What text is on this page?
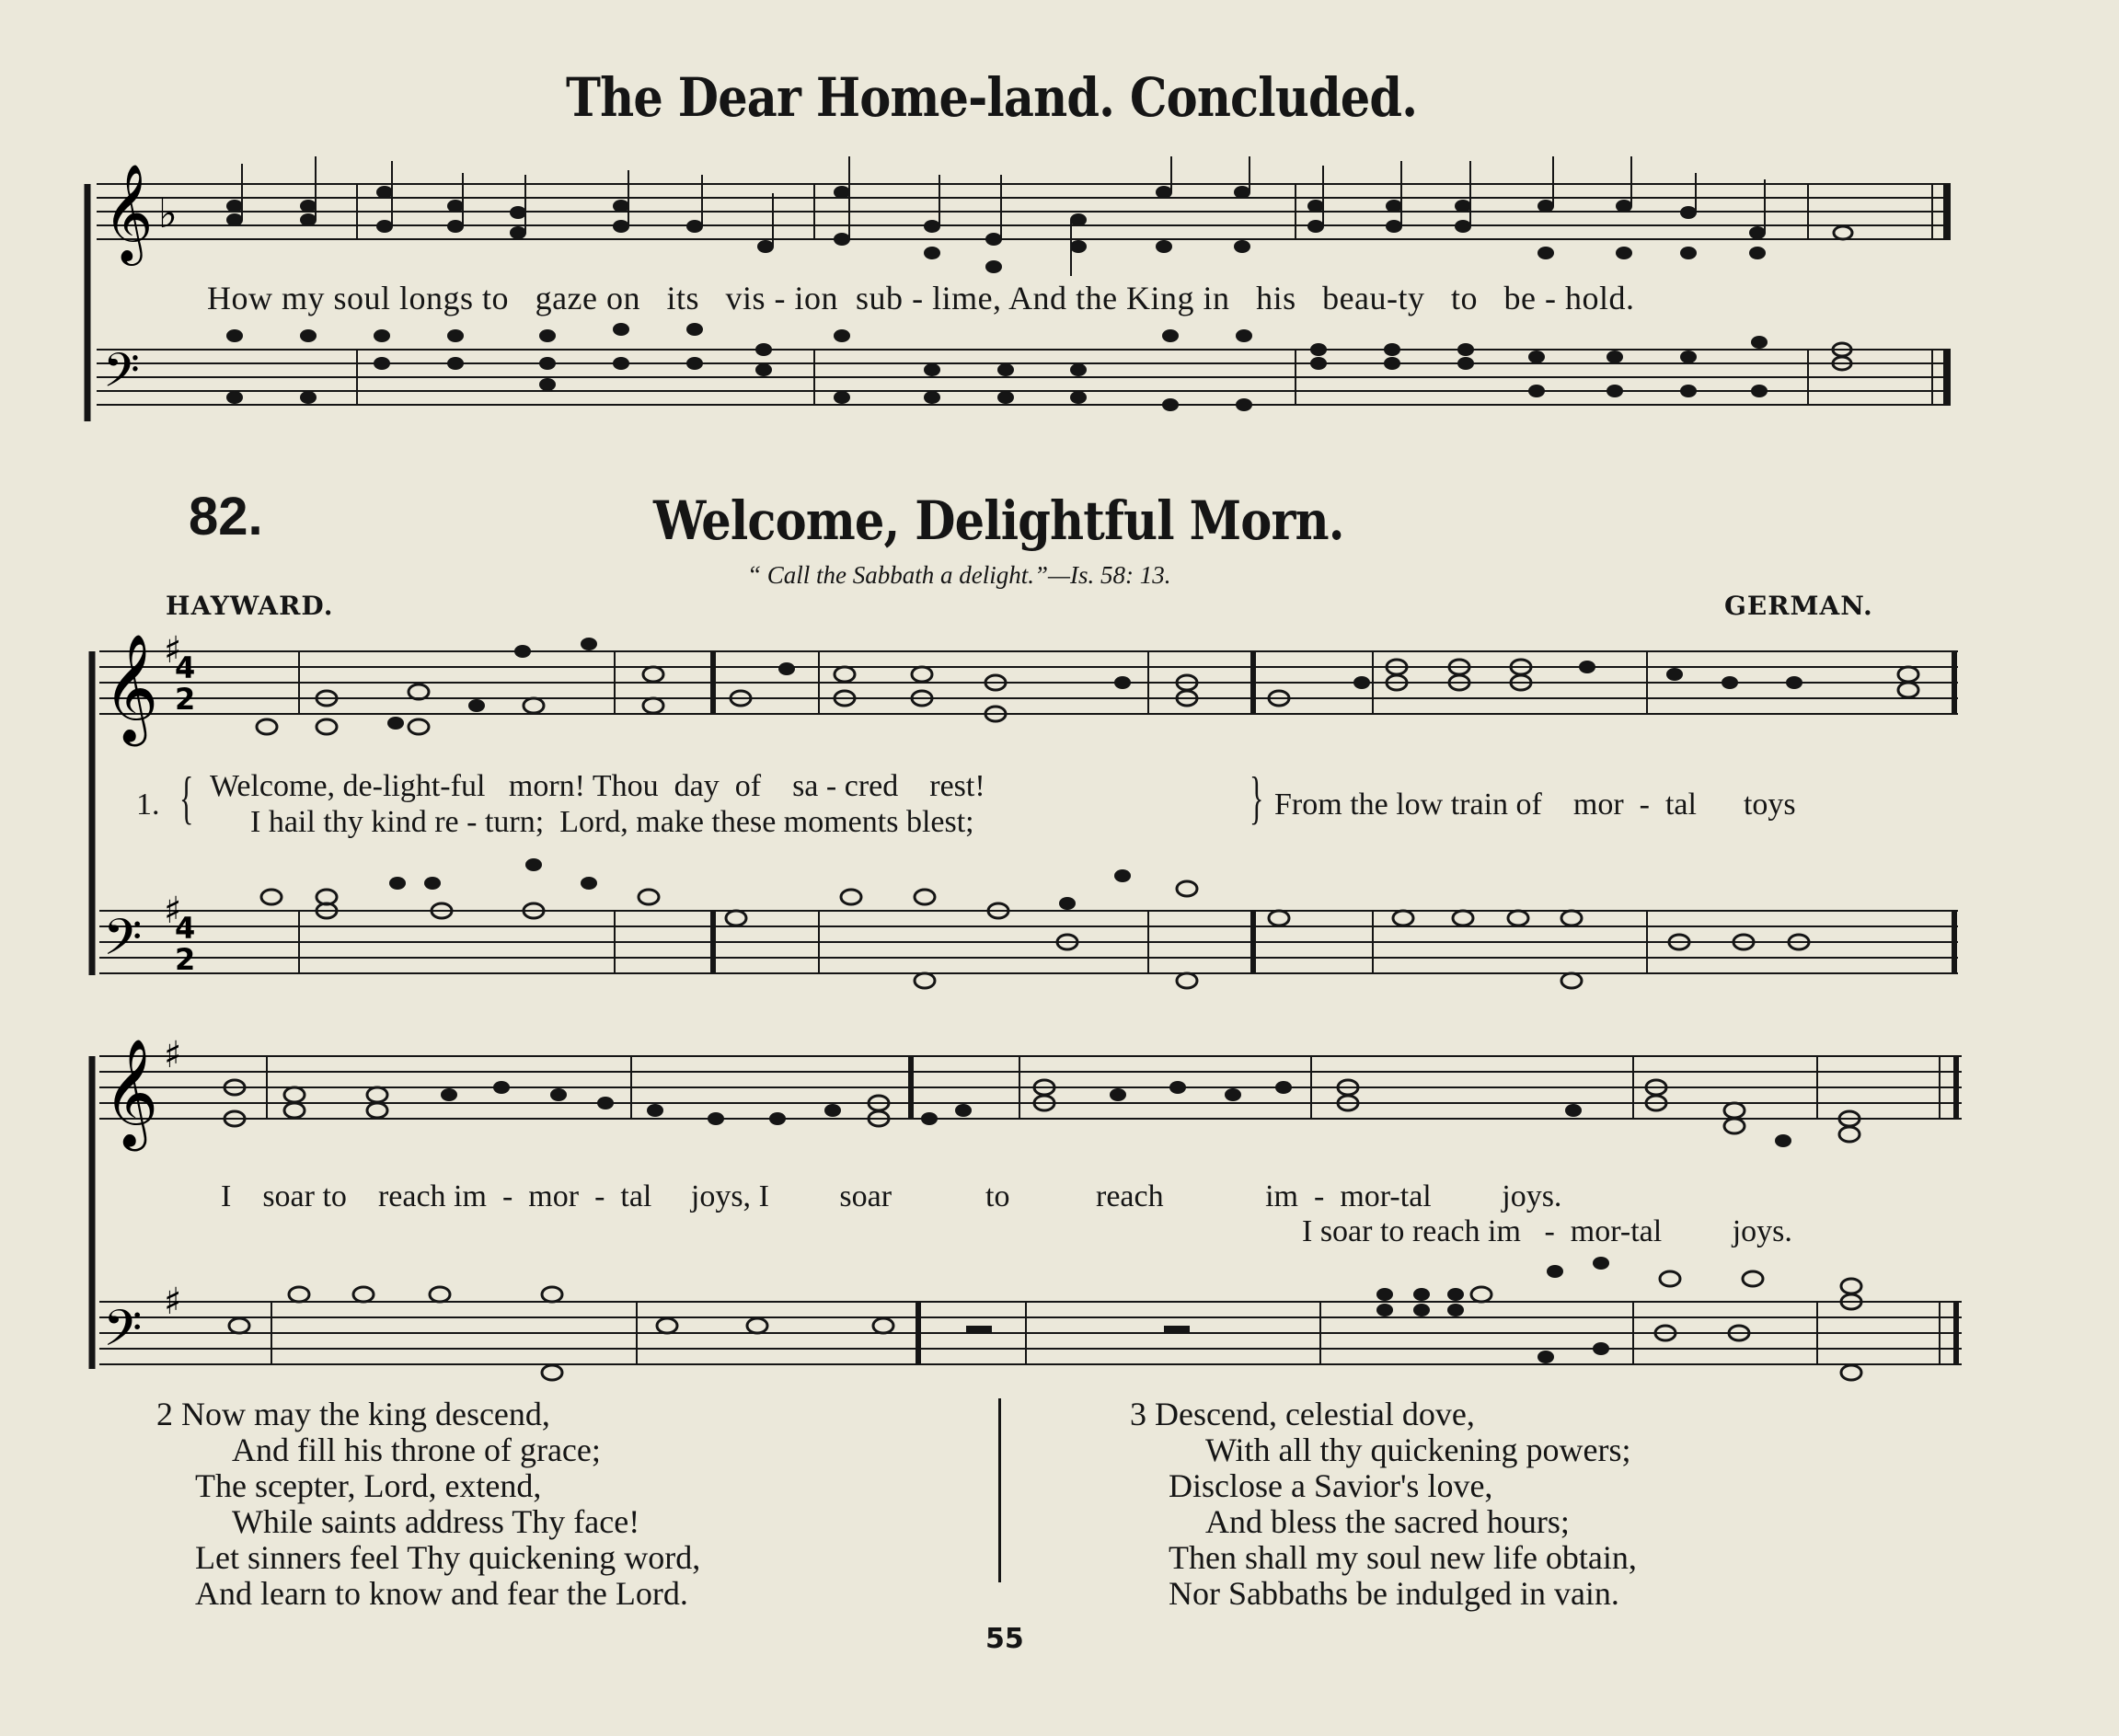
The Dear Home-land. Concluded.
𝄞
𝄢
♭
How my soul longs to gaze on its vis - ion sub - lime, And the King in his beau-ty to be - hold.
82.	Welcome, Delightful Morn.
“ Call the Sabbath a delight.”—Is. 58: 13.
HAYWARD.	GERMAN.
𝄞
𝄢
♯
♯
4
2
4
2
1. { Welcome, de-light-ful morn! Thou day of sa - cred rest!
I hail thy kind re - turn; Lord, make these moments blest;	} From the low train of mor - tal toys
𝄞
𝄢
♯
♯
I soar to reach im - mor - tal joys, I soar	to	reach	im - mor-tal joys.
I soar to reach im - mor-tal joys.
2 Now may the king descend,
And fill his throne of grace;
The scepter, Lord, extend,
While saints address Thy face!
Let sinners feel Thy quickening word,
And learn to know and fear the Lord.
3 Descend, celestial dove,
With all thy quickening powers;
Disclose a Savior's love,
And bless the sacred hours;
Then shall my soul new life obtain,
Nor Sabbaths be indulged in vain.
55
